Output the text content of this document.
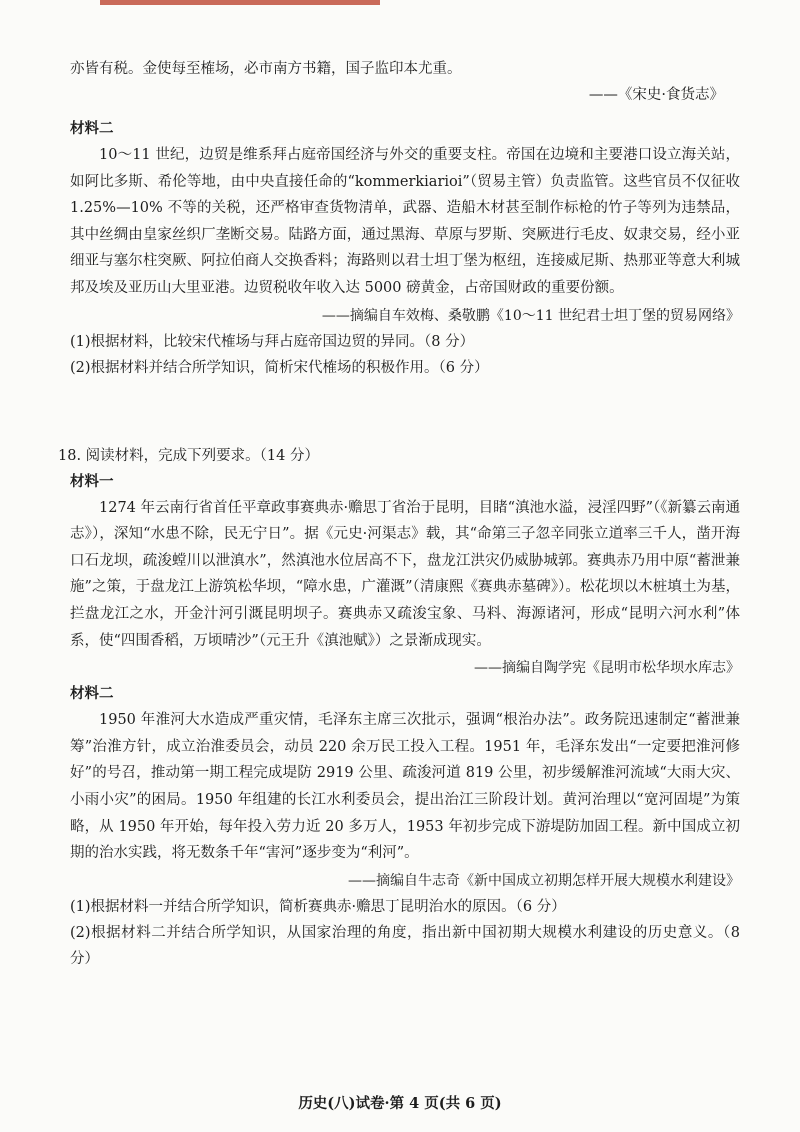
亦皆有税。金使每至榷场，必市南方书籍，国子监印本尤重。
——《宋史·食货志》
材料二

10～11 世纪，边贸是维系拜占庭帝国经济与外交的重要支柱。帝国在边境和主要港口设立海关站，如阿比多斯、希伦等地，由中央直接任命的“kommerkiarioi”（贸易主管）负责监管。这些官员不仅征收 1.25%—10% 不等的关税，还严格审查货物清单，武器、造船木材甚至制作标枪的竹子等列为违禁品，其中丝绸由皇家丝织厂垄断交易。陆路方面，通过黑海、草原与罗斯、突厥进行毛皮、奴隶交易，经小亚细亚与塞尔柱突厥、阿拉伯商人交换香料；海路则以君士坦丁堡为枢纽，连接威尼斯、热那亚等意大利城邦及埃及亚历山大里亚港。边贸税收年收入达 5000 磅黄金，占帝国财政的重要份额。

——摘编自车效梅、桑敬鹏《10～11 世纪君士坦丁堡的贸易网络》
(1)根据材料，比较宋代榷场与拜占庭帝国边贸的异同。（8 分）
(2)根据材料并结合所学知识，简析宋代榷场的积极作用。（6 分）
18. 阅读材料，完成下列要求。（14 分）
材料一

1274 年云南行省首任平章政事赛典赤·赡思丁省治于昆明，目睹“滇池水溢，浸淫四野”（《新纂云南通志》），深知“水患不除，民无宁日”。据《元史·河渠志》载，其“命第三子忽辛同张立道率三千人，凿开海口石龙坝，疏浚螳川以泄滇水”，然滇池水位居高不下，盘龙江洪灾仍威胁城郭。赛典赤乃用中原“蓄泄兼施”之策，于盘龙江上游筑松华坝，“障水患，广灌溉”（清康熙《赛典赤墓碑》）。松花坝以木桩填土为基，拦盘龙江之水，开金汁河引溉昆明坝子。赛典赤又疏浚宝象、马料、海源诸河，形成“昆明六河水利”体系，使“四围香稻，万顷晴沙”（元王升《滇池赋》）之景渐成现实。

——摘编自陶学宪《昆明市松华坝水库志》
材料二

1950 年淮河大水造成严重灾情，毛泽东主席三次批示，强调“根治办法”。政务院迅速制定“蓄泄兼筹”治淮方针，成立治淮委员会，动员 220 余万民工投入工程。1951 年，毛泽东发出“一定要把淮河修好”的号召，推动第一期工程完成堤防 2919 公里、疏浚河道 819 公里，初步缓解淮河流域“大雨大灾、小雨小灾”的困局。1950 年组建的长江水利委员会，提出治江三阶段计划。黄河治理以“宽河固堤”为策略，从 1950 年开始，每年投入劳力近 20 多万人，1953 年初步完成下游堤防加固工程。新中国成立初期的治水实践，将无数条千年“害河”逐步变为“利河”。

——摘编自牛志奇《新中国成立初期怎样开展大规模水利建设》
(1)根据材料一并结合所学知识，简析赛典赤·赡思丁昆明治水的原因。（6 分）
(2)根据材料二并结合所学知识，从国家治理的角度，指出新中国初期大规模水利建设的历史意义。（8 分）
历史(八)试卷·第 4 页(共 6 页)
